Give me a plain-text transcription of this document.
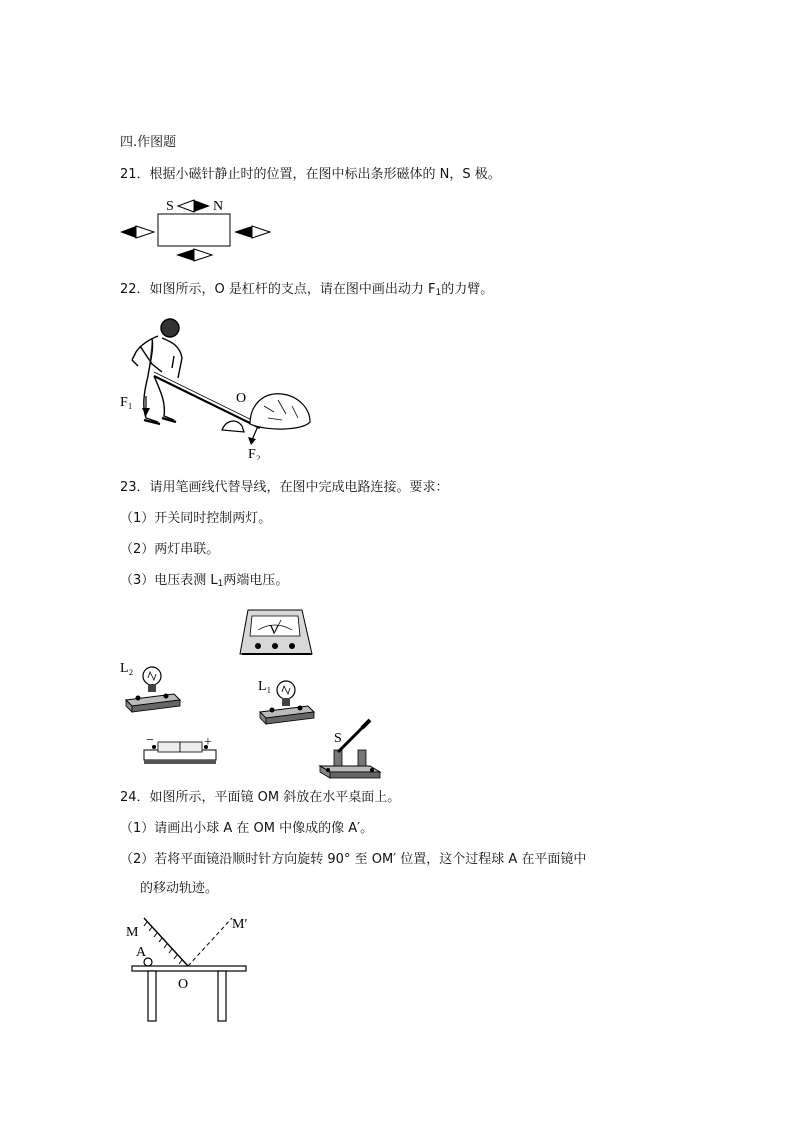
四.作图题
21．根据小磁针静止时的位置，在图中标出条形磁体的 N，S 极。
S	N
22．如图所示，O 是杠杆的支点，请在图中画出动力 $F_1$的力臂。
F₁	O
F₂
23．请用笔画线代替导线，在图中完成电路连接。要求：
（1）开关同时控制两灯。
（2）两灯串联。
（3）电压表测 $L_1$两端电压。
V
L₂
L₁
−	+	S
24．如图所示，平面镜 OM 斜放在水平桌面上。
（1）请画出小球 A 在 OM 中像成的像 A′。
（2）若将平面镜沿顺时针方向旋转 90° 至 OM′ 位置，这个过程球 A 在平面镜中
的移动轨迹。
M
M′
A
O
